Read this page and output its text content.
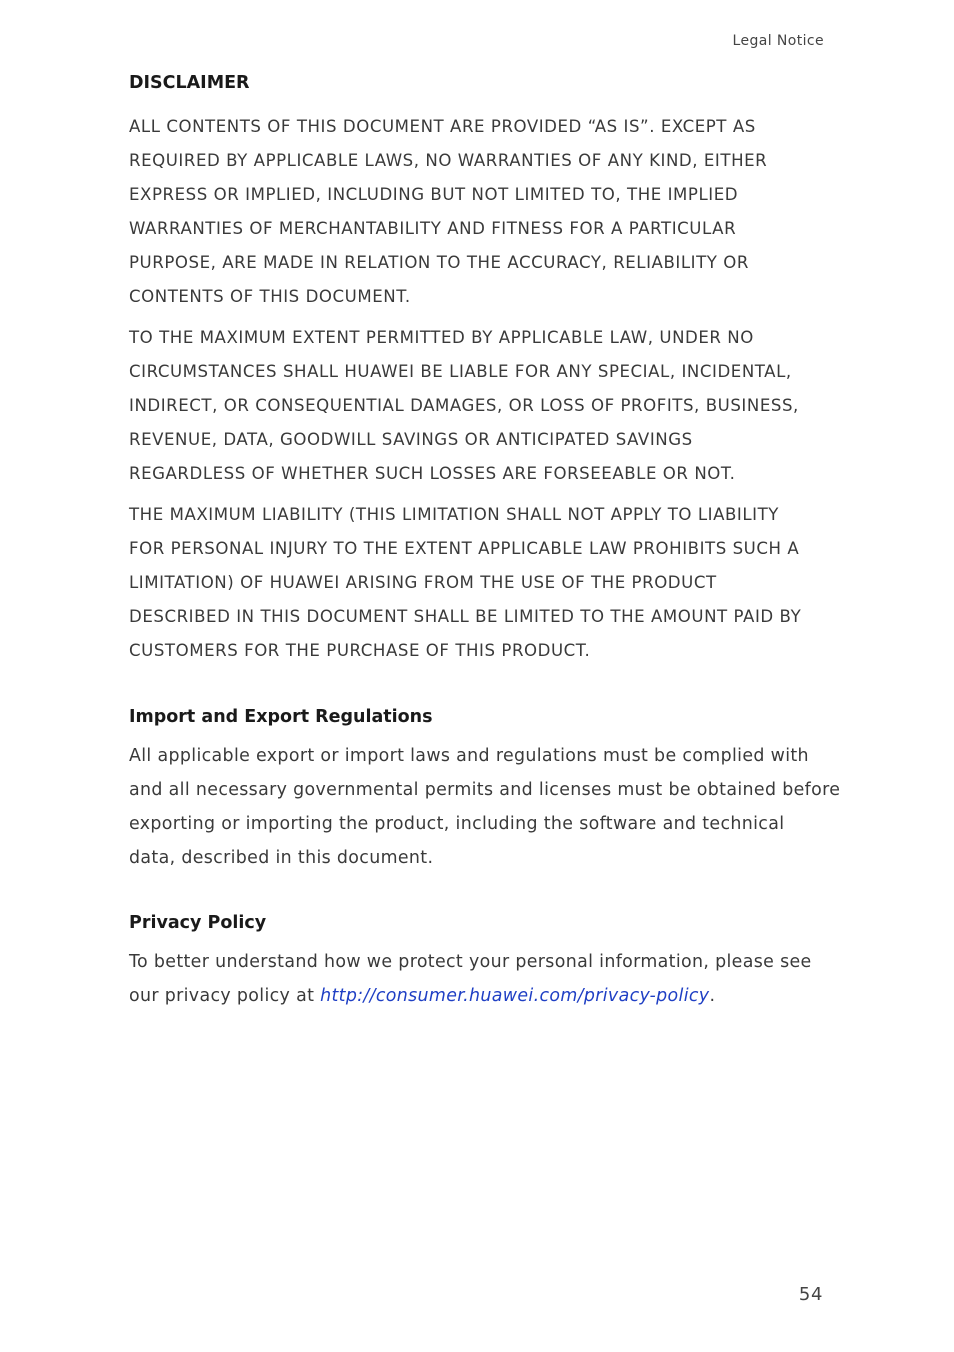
Legal Notice
DISCLAIMER

ALL CONTENTS OF THIS DOCUMENT ARE PROVIDED “AS IS”. EXCEPT AS
REQUIRED BY APPLICABLE LAWS, NO WARRANTIES OF ANY KIND, EITHER
EXPRESS OR IMPLIED, INCLUDING BUT NOT LIMITED TO, THE IMPLIED
WARRANTIES OF MERCHANTABILITY AND FITNESS FOR A PARTICULAR
PURPOSE, ARE MADE IN RELATION TO THE ACCURACY, RELIABILITY OR
CONTENTS OF THIS DOCUMENT.

TO THE MAXIMUM EXTENT PERMITTED BY APPLICABLE LAW, UNDER NO
CIRCUMSTANCES SHALL HUAWEI BE LIABLE FOR ANY SPECIAL, INCIDENTAL,
INDIRECT, OR CONSEQUENTIAL DAMAGES, OR LOSS OF PROFITS, BUSINESS,
REVENUE, DATA, GOODWILL SAVINGS OR ANTICIPATED SAVINGS
REGARDLESS OF WHETHER SUCH LOSSES ARE FORSEEABLE OR NOT.

THE MAXIMUM LIABILITY (THIS LIMITATION SHALL NOT APPLY TO LIABILITY
FOR PERSONAL INJURY TO THE EXTENT APPLICABLE LAW PROHIBITS SUCH A
LIMITATION) OF HUAWEI ARISING FROM THE USE OF THE PRODUCT
DESCRIBED IN THIS DOCUMENT SHALL BE LIMITED TO THE AMOUNT PAID BY
CUSTOMERS FOR THE PURCHASE OF THIS PRODUCT.

Import and Export Regulations

All applicable export or import laws and regulations must be complied with
and all necessary governmental permits and licenses must be obtained before
exporting or importing the product, including the software and technical
data, described in this document.

Privacy Policy

To better understand how we protect your personal information, please see
our privacy policy at http://consumer.huawei.com/privacy-policy.

54
